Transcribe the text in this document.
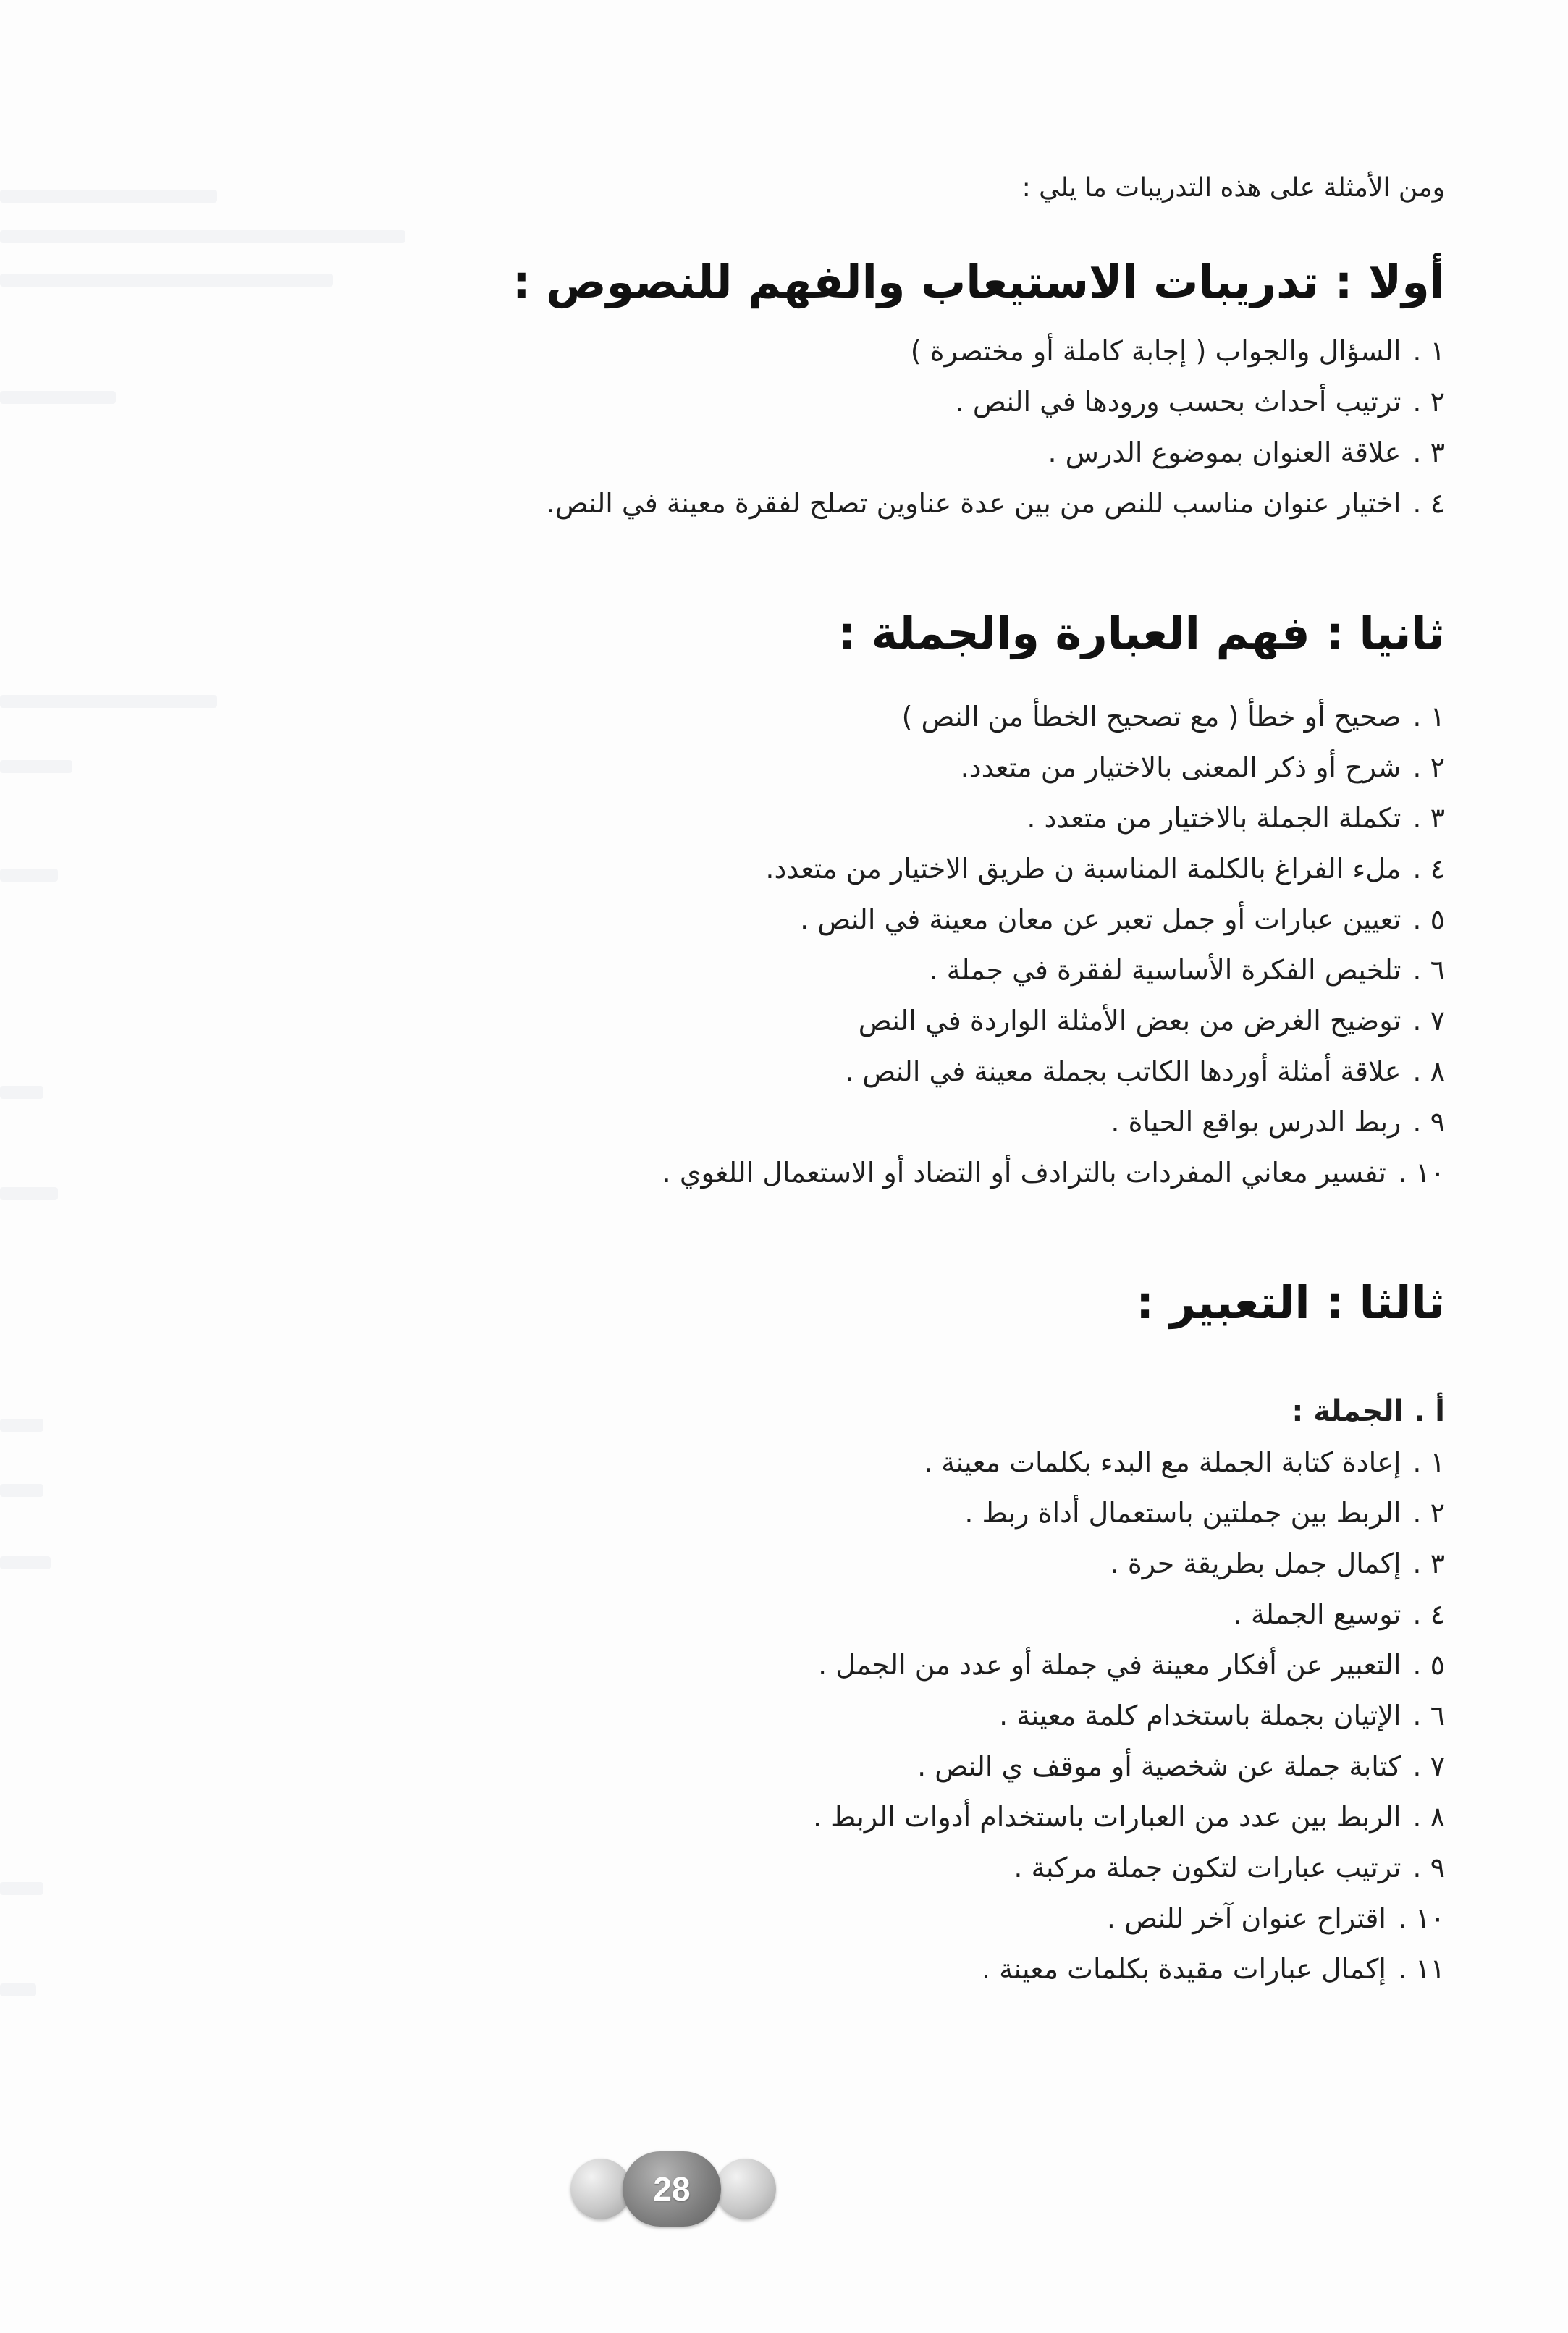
ومن الأمثلة على هذه التدريبات ما يلي :

أولا : تدريبات الاستيعاب والفهم للنصوص :
١ .
السؤال والجواب ( إجابة كاملة أو مختصرة )
٢ .
ترتيب أحداث بحسب ورودها في النص .
٣ .
علاقة العنوان بموضوع الدرس .
٤ .
اختيار عنوان مناسب للنص من بين عدة عناوين تصلح لفقرة معينة في النص.
ثانيا : فهم العبارة والجملة :
١ .
صحيح أو خطأ ( مع تصحيح الخطأ من النص )
٢ .
شرح أو ذكر المعنى بالاختيار من متعدد.
٣ .
تكملة الجملة بالاختيار من متعدد .
٤ .
ملء الفراغ بالكلمة المناسبة ن طريق الاختيار من متعدد.
٥ .
تعيين عبارات أو جمل تعبر عن معان معينة في النص .
٦ .
تلخيص الفكرة الأساسية لفقرة في جملة .
٧ .
توضيح الغرض من بعض الأمثلة الواردة في النص
٨ .
علاقة أمثلة أوردها الكاتب بجملة معينة في النص .
٩ .
ربط الدرس بواقع الحياة .
١٠ .
تفسير معاني المفردات بالترادف أو التضاد أو الاستعمال اللغوي .
ثالثا : التعبير :

أ . الجملة :

١ .
إعادة كتابة الجملة مع البدء بكلمات معينة .
٢ .
الربط بين جملتين باستعمال أداة ربط .
٣ .
إكمال جمل بطريقة حرة .
٤ .
توسيع الجملة .
٥ .
التعبير عن أفكار معينة في جملة أو عدد من الجمل .
٦ .
الإتيان بجملة باستخدام كلمة معينة .
٧ .
كتابة جملة عن شخصية أو موقف ي النص .
٨ .
الربط بين عدد من العبارات باستخدام أدوات الربط .
٩ .
ترتيب عبارات لتكون جملة مركبة .
١٠ .
اقتراح عنوان آخر للنص .
١١ .
إكمال عبارات مقيدة بكلمات معينة .
28
